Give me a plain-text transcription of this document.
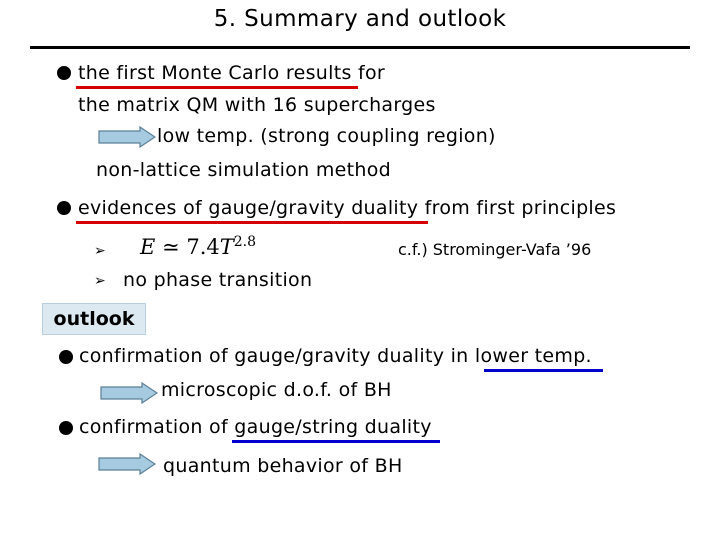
5. Summary and outlook
the first Monte Carlo results for
the matrix QM with 16 supercharges
low temp. (strong coupling region)
non-lattice simulation method
evidences of gauge/gravity duality from first principles
➢ E ≃ $7.4T^{2.8}$	c.f.) Strominger-Vafa ’96
➢ no phase transition
outlook
confirmation of gauge/gravity duality in lower temp.
microscopic d.o.f. of BH
confirmation of gauge/string duality
quantum behavior of BH
